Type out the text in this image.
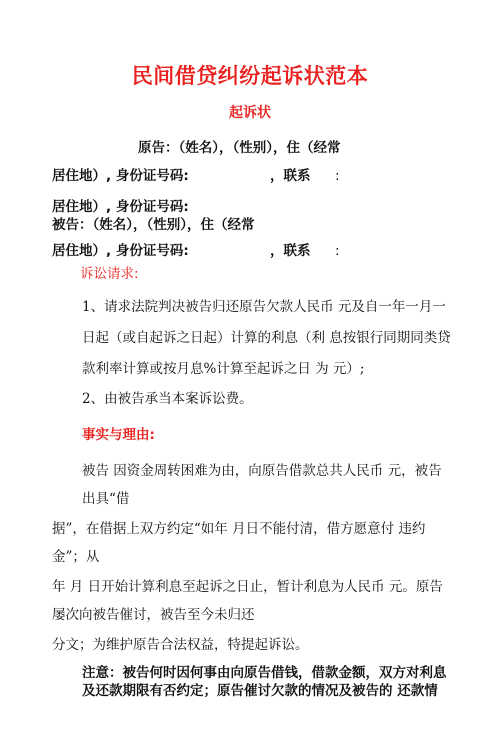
民间借贷纠纷起诉状范本
起诉状
原告：（姓名），（性别），住（经常
居住地）, 身份证号码:	，联系 :
居住地）, 身份证号码:
被告：（姓名），（性别），住（经常
居住地）, 身份证号码:	，联系 :
诉讼请求:
1、请求法院判决被告归还原告欠款人民币 元及自一年一月一
日起（或自起诉之日起）计算的利息（利 息按银行同期同类贷
款利率计算或按月息%计算至起诉之日 为 元）;
2、由被告承当本案诉讼费。
事实与理由:
被告 因资金周转困难为由，向原告借款总共人民币 元，被告
出具“借
据”，在借据上双方约定“如年 月日不能付清，借方愿意付 违约
金”；从
年 月 日开始计算利息至起诉之日止，暂计利息为人民币 元。原告
屡次向被告催讨，被告至今未归还
分文；为维护原告合法权益，特提起诉讼。
注意：被告何时因何事由向原告借钱，借款金额，双方对利息
及还款期限有否约定；原告催讨欠款的情况及被告的 还款情
